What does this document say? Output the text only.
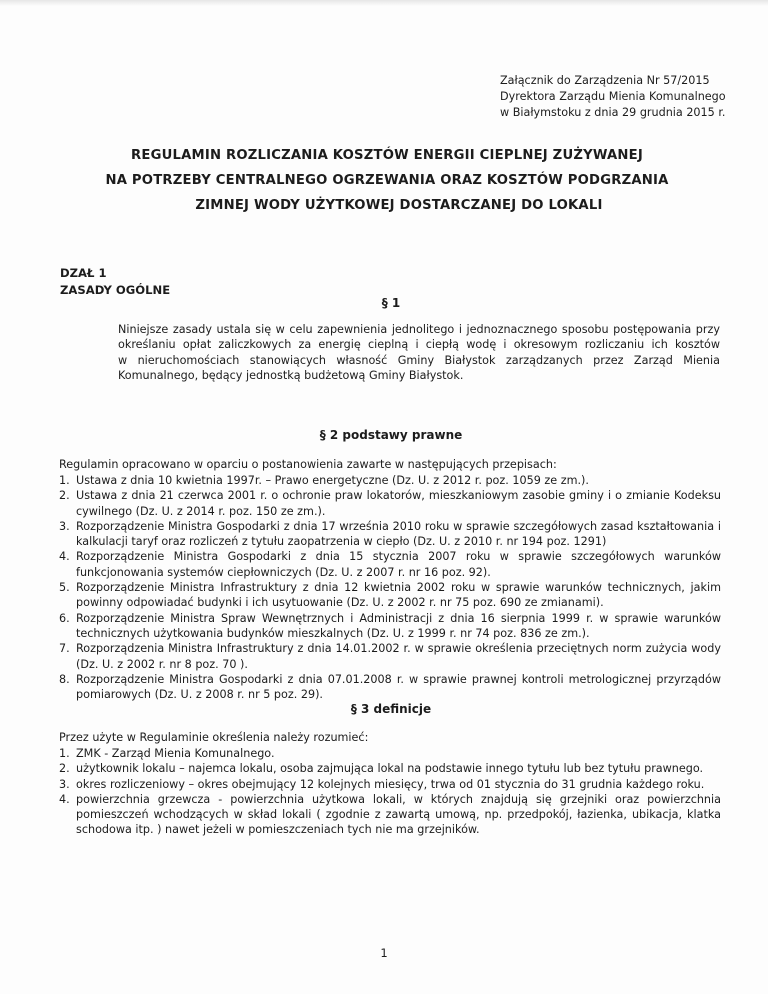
Załącznik do Zarządzenia Nr 57/2015
Dyrektora Zarządu Mienia Komunalnego
w Białymstoku z dnia 29 grudnia 2015 r.
REGULAMIN ROZLICZANIA KOSZTÓW ENERGII CIEPLNEJ ZUŻYWANEJ
NA POTRZEBY CENTRALNEGO OGRZEWANIA ORAZ KOSZTÓW PODGRZANIA
ZIMNEJ WODY UŻYTKOWEJ DOSTARCZANEJ DO LOKALI
DZAŁ 1
ZASADY OGÓLNE
§ 1
Niniejsze zasady ustala się w celu zapewnienia jednolitego i jednoznacznego sposobu postępowania przy
określaniu opłat zaliczkowych za energię cieplną i ciepłą wodę i okresowym rozliczaniu ich kosztów
w nieruchomościach stanowiących własność Gminy Białystok zarządzanych przez Zarząd Mienia
Komunalnego, będący jednostką budżetową Gminy Białystok.
§ 2 podstawy prawne
Regulamin opracowano w oparciu o postanowienia zawarte w następujących przepisach:
1. Ustawa z dnia 10 kwietnia 1997r. – Prawo energetyczne (Dz. U. z 2012 r. poz. 1059 ze zm.).
2. Ustawa z dnia 21 czerwca 2001 r. o ochronie praw lokatorów, mieszkaniowym zasobie gminy i o zmianie Kodeksu cywilnego (Dz. U. z 2014 r. poz. 150 ze zm.).
3. Rozporządzenie Ministra Gospodarki z dnia 17 września 2010 roku w sprawie szczegółowych zasad kształtowania i kalkulacji taryf oraz rozliczeń z tytułu zaopatrzenia w ciepło (Dz. U. z 2010 r. nr 194 poz. 1291)
4. Rozporządzenie Ministra Gospodarki z dnia 15 stycznia 2007 roku w sprawie szczegółowych warunków funkcjonowania systemów ciepłowniczych (Dz. U. z 2007 r. nr 16 poz. 92).
5. Rozporządzenie Ministra Infrastruktury z dnia 12 kwietnia 2002 roku w sprawie warunków technicznych, jakim powinny odpowiadać budynki i ich usytuowanie (Dz. U. z 2002 r. nr 75 poz. 690 ze zmianami).
6. Rozporządzenie Ministra Spraw Wewnętrznych i Administracji z dnia 16 sierpnia 1999 r. w sprawie warunków technicznych użytkowania budynków mieszkalnych (Dz. U. z 1999 r. nr 74 poz. 836 ze zm.).
7. Rozporządzenia Ministra Infrastruktury z dnia 14.01.2002 r. w sprawie określenia przeciętnych norm zużycia wody (Dz. U. z 2002 r. nr 8 poz. 70 ).
8. Rozporządzenie Ministra Gospodarki z dnia 07.01.2008 r. w sprawie prawnej kontroli metrologicznej przyrządów pomiarowych (Dz. U. z 2008 r. nr 5 poz. 29).
§ 3 definicje
Przez użyte w Regulaminie określenia należy rozumieć:
1. ZMK - Zarząd Mienia Komunalnego.
2. użytkownik lokalu – najemca lokalu, osoba zajmująca lokal na podstawie innego tytułu lub bez tytułu prawnego.
3. okres rozliczeniowy – okres obejmujący 12 kolejnych miesięcy, trwa od 01 stycznia do 31 grudnia każdego roku.
4. powierzchnia grzewcza - powierzchnia użytkowa lokali, w których znajdują się grzejniki oraz powierzchnia pomieszczeń wchodzących w skład lokali ( zgodnie z zawartą umową, np. przedpokój, łazienka, ubikacja, klatka schodowa itp. ) nawet jeżeli w pomieszczeniach tych nie ma grzejników.
1
